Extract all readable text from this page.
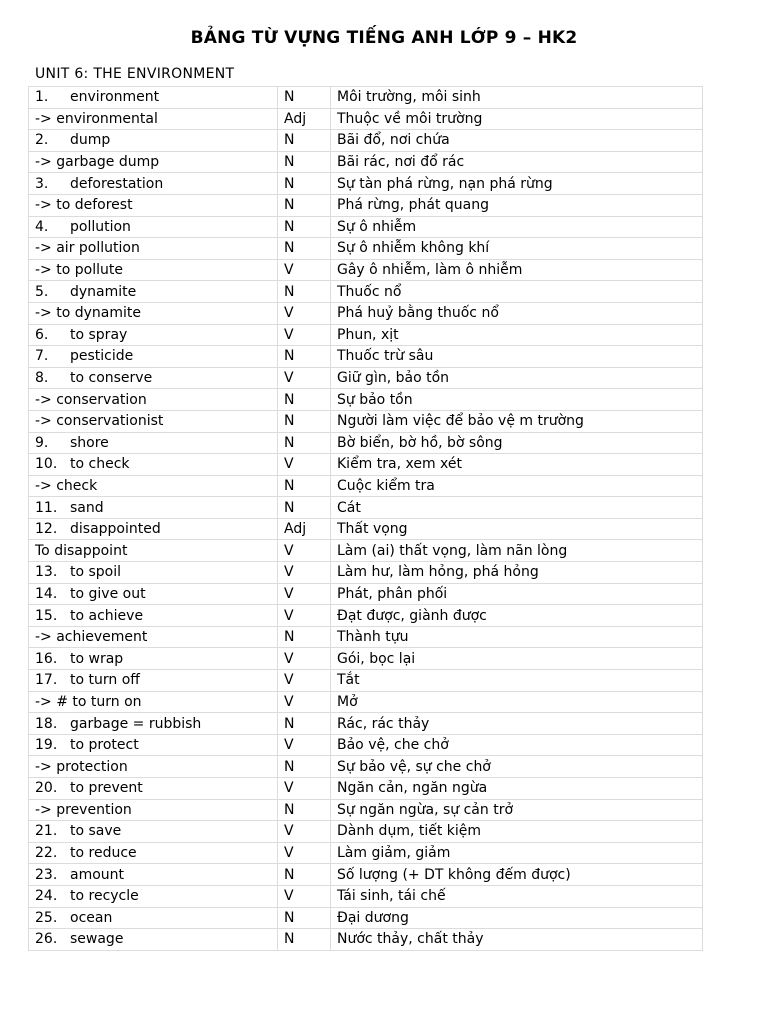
BẢNG TỪ VỰNG TIẾNG ANH LỚP 9 – HK2
UNIT 6: THE ENVIRONMENT
1. environment	N	Môi trường, môi sinh
-> environmental	Adj	Thuộc về môi trường
2. dump	N	Bãi đổ, nơi chứa
-> garbage dump	N	Bãi rác, nơi đổ rác
3. deforestation	N	Sự tàn phá rừng, nạn phá rừng
-> to deforest	N	Phá rừng, phát quang
4. pollution	N	Sự ô nhiễm
-> air pollution	N	Sự ô nhiễm không khí
-> to pollute	V	Gây ô nhiễm, làm ô nhiễm
5. dynamite	N	Thuốc nổ
-> to dynamite	V	Phá huỷ bằng thuốc nổ
6. to spray	V	Phun, xịt
7. pesticide	N	Thuốc trừ sâu
8. to conserve	V	Giữ gìn, bảo tồn
-> conservation	N	Sự bảo tồn
-> conservationist	N	Người làm việc để bảo vệ m trường
9. shore	N	Bờ biển, bờ hồ, bờ sông
10. to check	V	Kiểm tra, xem xét
-> check	N	Cuộc kiểm tra
11. sand	N	Cát
12. disappointed	Adj	Thất vọng
To disappoint	V	Làm (ai) thất vọng, làm nãn lòng
13. to spoil	V	Làm hư, làm hỏng, phá hỏng
14. to give out	V	Phát, phân phối
15. to achieve	V	Đạt được, giành được
-> achievement	N	Thành tựu
16. to wrap	V	Gói, bọc lại
17. to turn off	V	Tắt
-> # to turn on	V	Mở
18. garbage = rubbish	N	Rác, rác thảy
19. to protect	V	Bảo vệ, che chở
-> protection	N	Sự bảo vệ, sự che chở
20. to prevent	V	Ngăn cản, ngăn ngừa
-> prevention	N	Sự ngăn ngừa, sự cản trở
21. to save	V	Dành dụm, tiết kiệm
22. to reduce	V	Làm giảm, giảm
23. amount	N	Số lượng (+ DT không đếm được)
24. to recycle	V	Tái sinh, tái chế
25. ocean	N	Đại dương
26. sewage	N	Nước thảy, chất thảy
